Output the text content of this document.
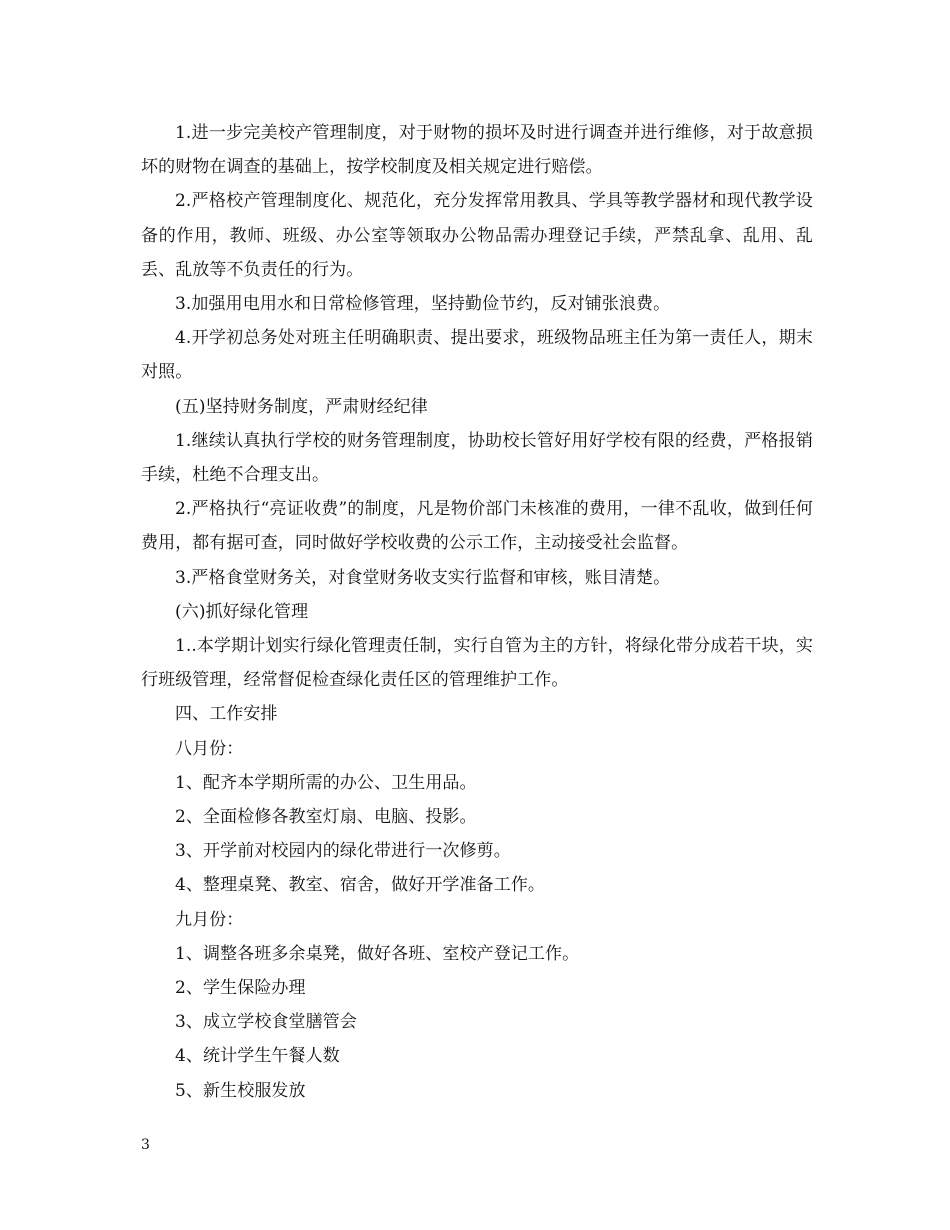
1.进一步完美校产管理制度，对于财物的损坏及时进行调查并进行维修，对于故意损坏的财物在调查的基础上，按学校制度及相关规定进行赔偿。

2.严格校产管理制度化、规范化，充分发挥常用教具、学具等教学器材和现代教学设备的作用，教师、班级、办公室等领取办公物品需办理登记手续，严禁乱拿、乱用、乱丢、乱放等不负责任的行为。

3.加强用电用水和日常检修管理，坚持勤俭节约，反对铺张浪费。

4.开学初总务处对班主任明确职责、提出要求，班级物品班主任为第一责任人，期末对照。

(五)坚持财务制度，严肃财经纪律

1.继续认真执行学校的财务管理制度，协助校长管好用好学校有限的经费，严格报销手续，杜绝不合理支出。

2.严格执行“亮证收费”的制度，凡是物价部门未核准的费用，一律不乱收，做到任何费用，都有据可查，同时做好学校收费的公示工作，主动接受社会监督。

3.严格食堂财务关，对食堂财务收支实行监督和审核，账目清楚。

(六)抓好绿化管理

1..本学期计划实行绿化管理责任制，实行自管为主的方针，将绿化带分成若干块，实行班级管理，经常督促检查绿化责任区的管理维护工作。

四、工作安排

八月份：

1、配齐本学期所需的办公、卫生用品。

2、全面检修各教室灯扇、电脑、投影。

3、开学前对校园内的绿化带进行一次修剪。

4、整理桌凳、教室、宿舍，做好开学准备工作。

九月份：

1、调整各班多余桌凳，做好各班、室校产登记工作。

2、学生保险办理

3、成立学校食堂膳管会

4、统计学生午餐人数

5、新生校服发放

3
